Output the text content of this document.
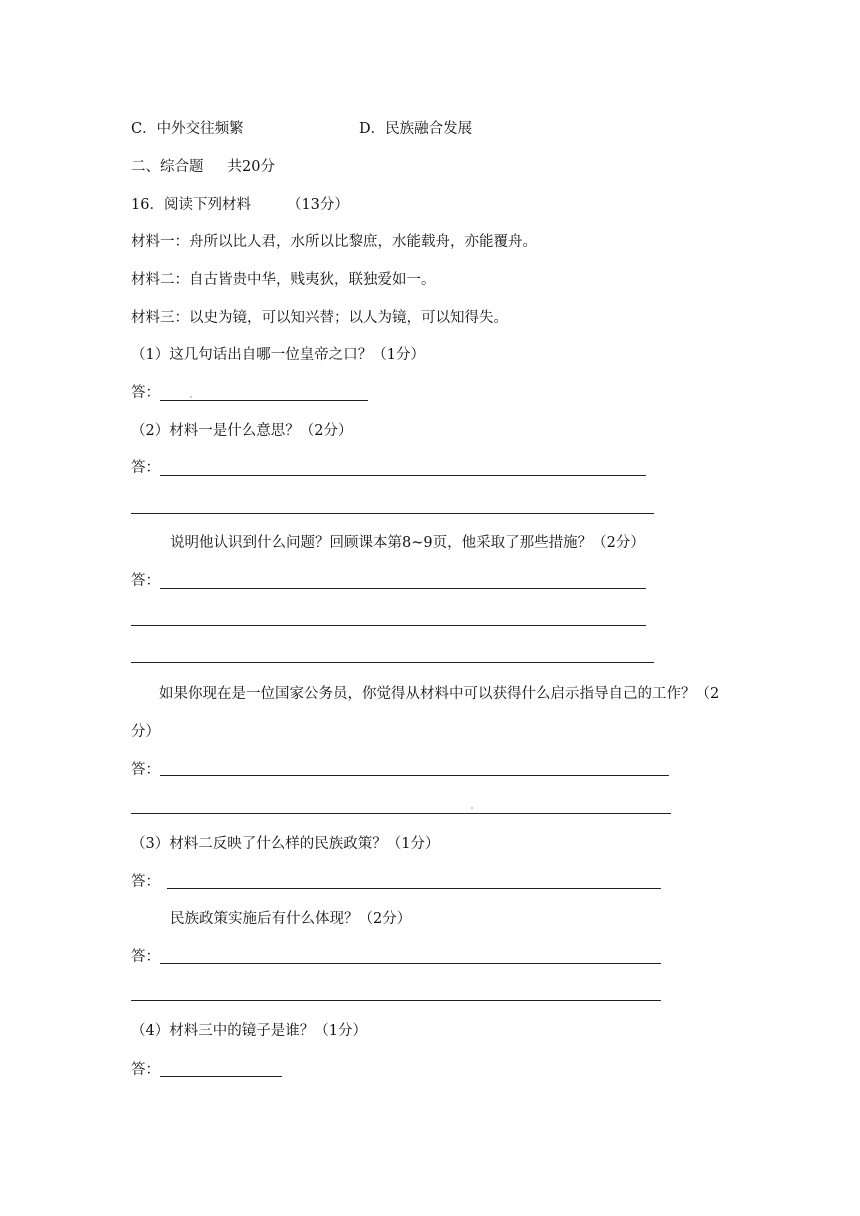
C．中外交往频繁	D．民族融合发展
二、综合题 共20分
16．阅读下列材料 （13分）
材料一：舟所以比人君，水所以比黎庶，水能载舟，亦能覆舟。
材料二：自古皆贵中华，贱夷狄，联独爱如一。
材料三：以史为镜，可以知兴替；以人为镜，可以知得失。
（1）这几句话出自哪一位皇帝之口？（1分）
答：
（2）材料一是什么意思？（2分）
答：
说明他认识到什么问题？回顾课本第8~9页，他采取了那些措施？（2分）
答：
如果你现在是一位国家公务员，你觉得从材料中可以获得什么启示指导自己的工作？（2
分）
答：
（3）材料二反映了什么样的民族政策？（1分）
答：
民族政策实施后有什么体现？（2分）
答：
（4）材料三中的镜子是谁？（1分）
答：
